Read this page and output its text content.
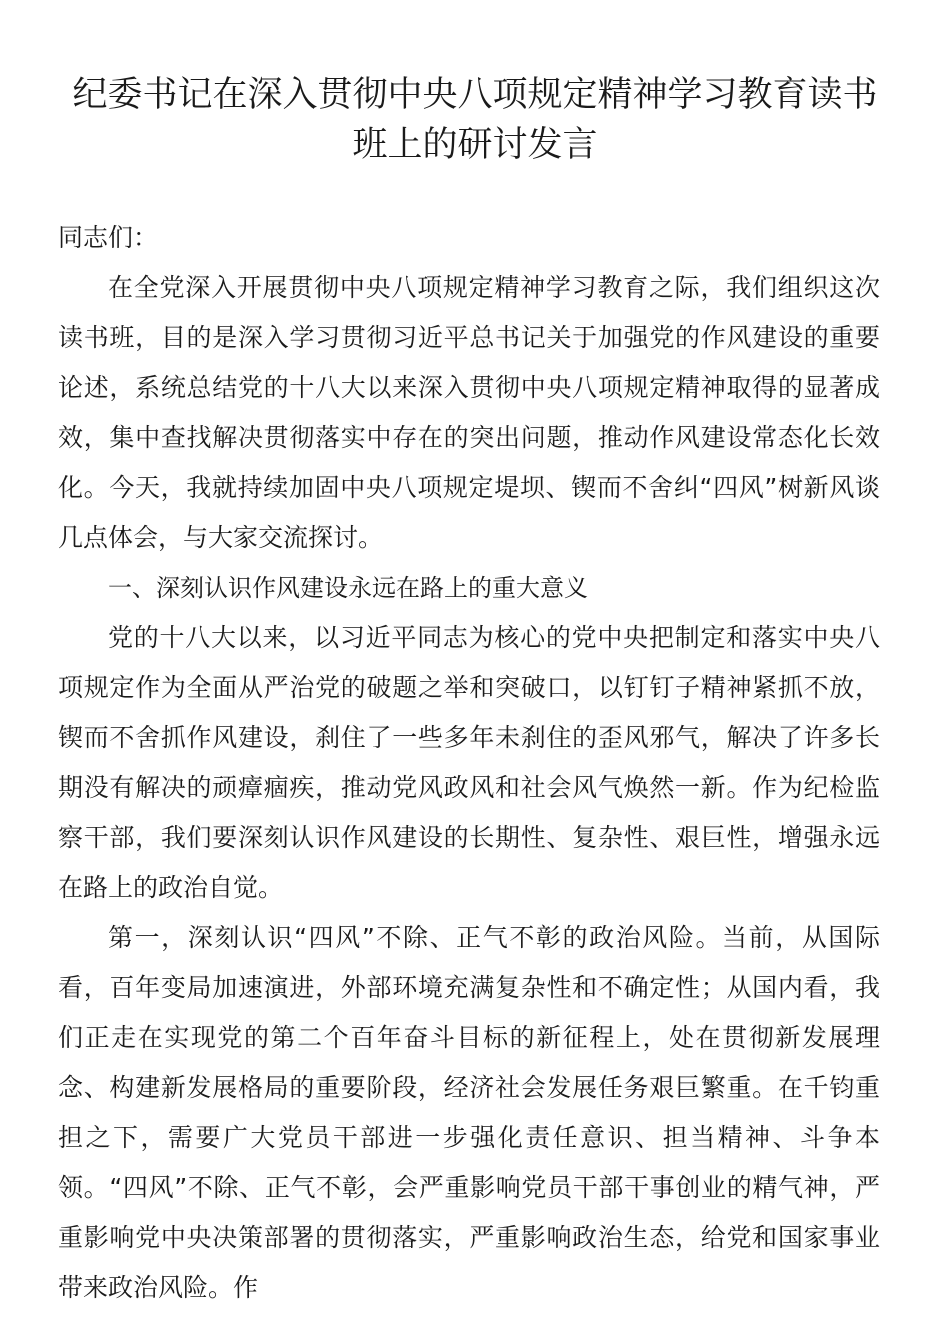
纪委书记在深入贯彻中央八项规定精神学习教育读书班上的研讨发言

同志们：

在全党深入开展贯彻中央八项规定精神学习教育之际，我们组织这次读书班，目的是深入学习贯彻习近平总书记关于加强党的作风建设的重要论述，系统总结党的十八大以来深入贯彻中央八项规定精神取得的显著成效，集中查找解决贯彻落实中存在的突出问题，推动作风建设常态化长效化。今天，我就持续加固中央八项规定堤坝、锲而不舍纠“四风”树新风谈几点体会，与大家交流探讨。

一、深刻认识作风建设永远在路上的重大意义

党的十八大以来，以习近平同志为核心的党中央把制定和落实中央八项规定作为全面从严治党的破题之举和突破口，以钉钉子精神紧抓不放，锲而不舍抓作风建设，刹住了一些多年未刹住的歪风邪气，解决了许多长期没有解决的顽瘴痼疾，推动党风政风和社会风气焕然一新。作为纪检监察干部，我们要深刻认识作风建设的长期性、复杂性、艰巨性，增强永远在路上的政治自觉。

第一，深刻认识“四风”不除、正气不彰的政治风险。当前，从国际看，百年变局加速演进，外部环境充满复杂性和不确定性；从国内看，我们正走在实现党的第二个百年奋斗目标的新征程上，处在贯彻新发展理念、构建新发展格局的重要阶段，经济社会发展任务艰巨繁重。在千钧重担之下，需要广大党员干部进一步强化责任意识、担当精神、斗争本领。“四风”不除、正气不彰，会严重影响党员干部干事创业的精气神，严重影响党中央决策部署的贯彻落实，严重影响政治生态，给党和国家事业带来政治风险。作
